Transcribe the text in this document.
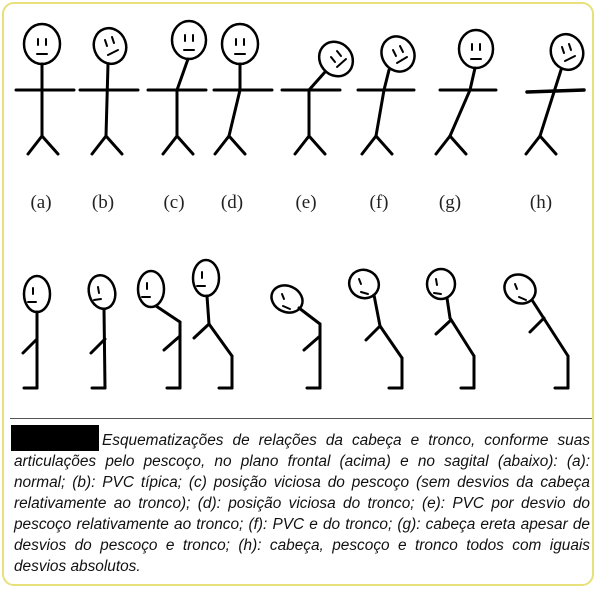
(a)	(b)	(c)	(d)	(e)	(f)	(g)	(h)

Esquematizações de relações da cabeça e tronco, conforme suas articulações pelo pescoço, no plano frontal (acima) e no sagital (abaixo): (a): normal; (b): PVC típica; (c) posição viciosa do pescoço (sem desvios da cabeça relativamente ao tronco); (d): posição viciosa do tronco; (e): PVC por desvio do pescoço relativamente ao tronco; (f): PVC e do tronco; (g): cabeça ereta apesar de desvios do pescoço e tronco; (h): cabeça, pescoço e tronco todos com iguais desvios absolutos.
